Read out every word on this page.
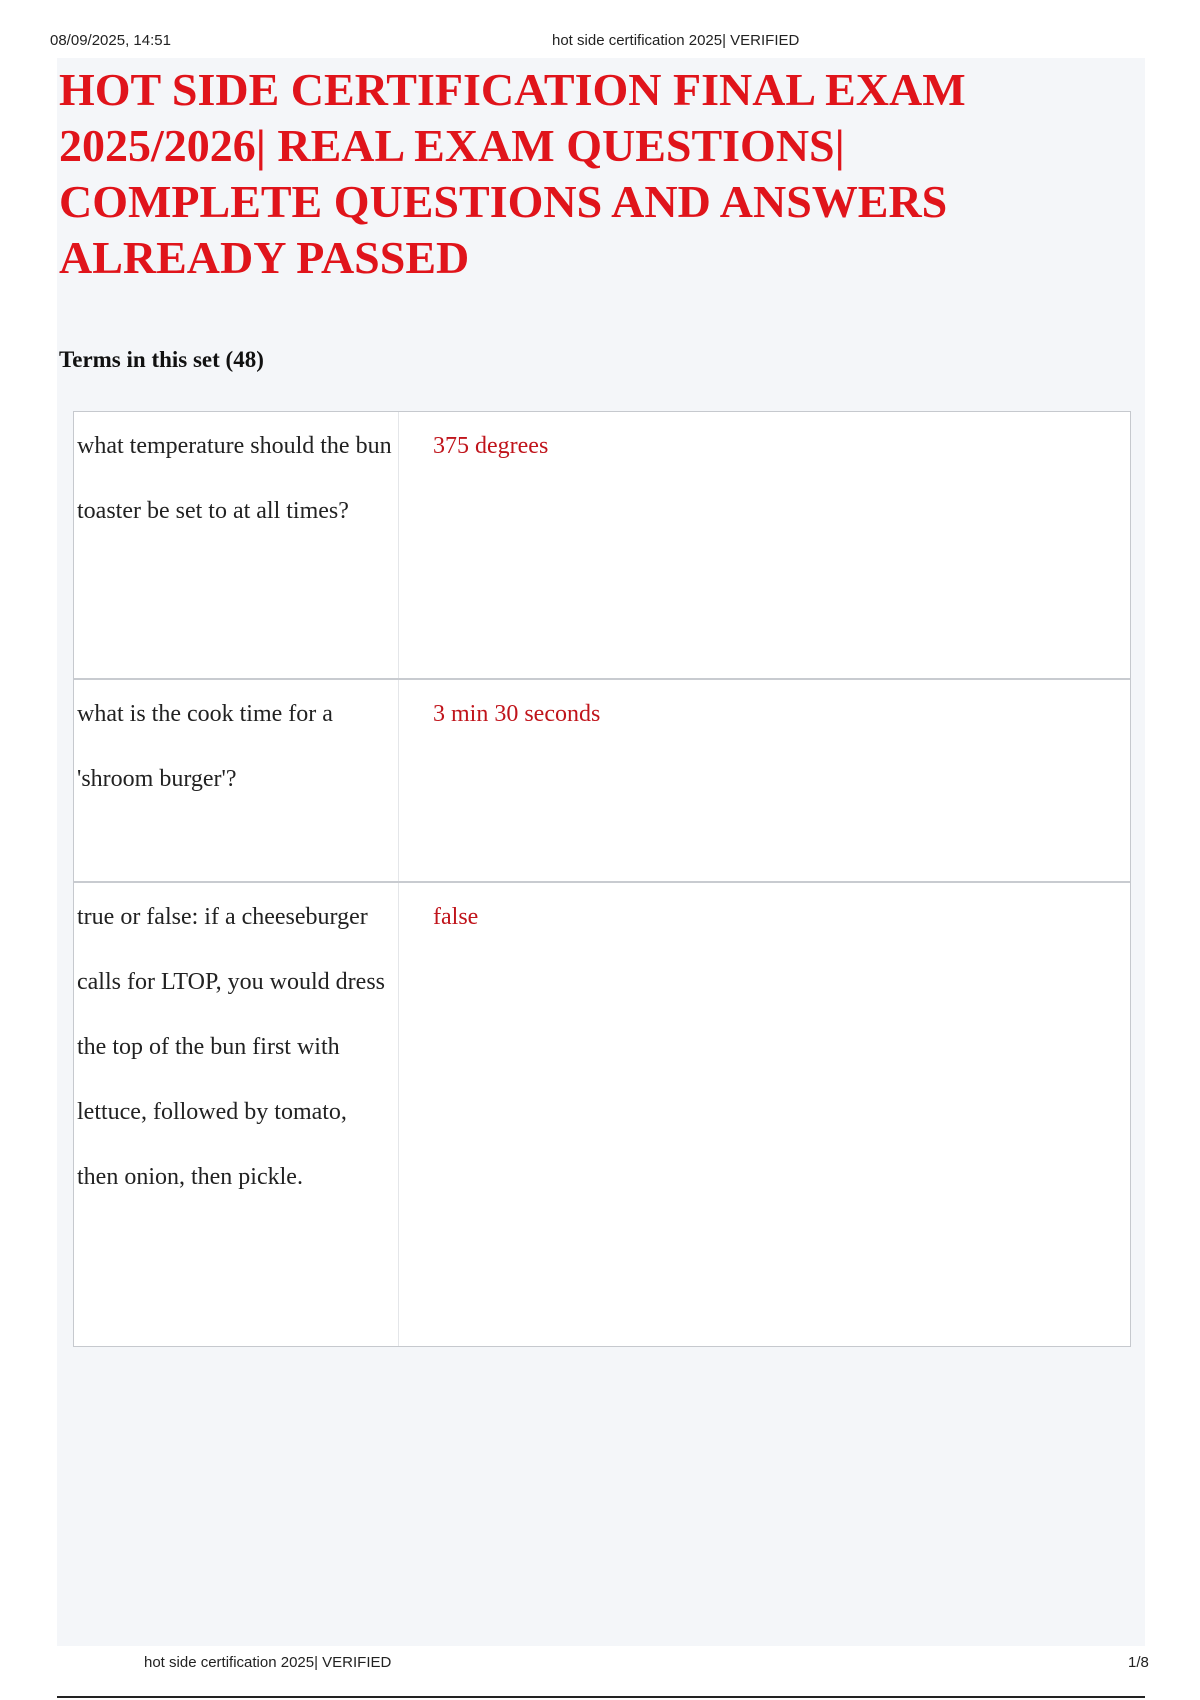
08/09/2025, 14:51	hot side certification 2025| VERIFIED
HOT SIDE CERTIFICATION FINAL EXAM 2025/2026| REAL EXAM QUESTIONS| COMPLETE QUESTIONS AND ANSWERS ALREADY PASSED
Terms in this set (48)
what temperature should the bun toaster be set to at all times?
375 degrees
what is the cook time for a 'shroom burger'?
3 min 30 seconds
true or false: if a cheeseburger calls for LTOP, you would dress the top of the bun first with lettuce, followed by tomato, then onion, then pickle.
false
hot side certification 2025| VERIFIED	1/8
